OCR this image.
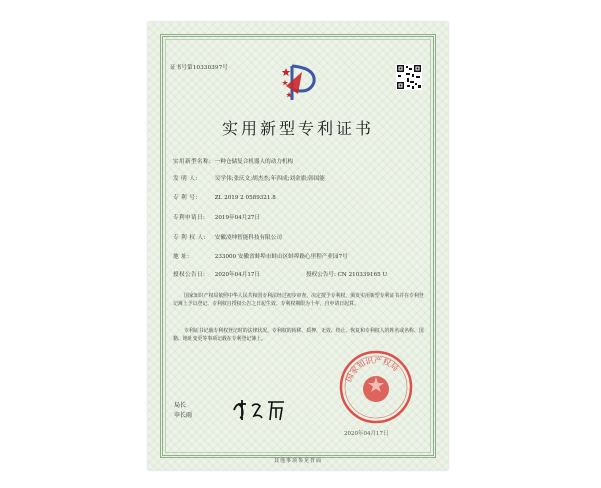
证书号第10330397号
实用新型专利证书
实用新型名称: 一种仓储复合机器人的动力机构
发 明 人:	吴学伟;张庆文;胡杰杰;年四成;刘金旗;韩国能
专 利 号:	ZL 2019 2 0589321.8
专利申请日: 2019年04月27日
专 利 权 人: 安徽凌坤智能科技有限公司
地 址:	233000 安徽省蚌埠市蚌山区蚌埠路心里程产业园7号
授权公告日: 2020年04月17日	授权公告号: CN 210339165 U
国家知识产权局依照中华人民共和国专利法经过初步审查，决定授予专利权，颁发实用新型专利证书并在专利登记簿上予以登记。专利权自授权公告之日起生效。专利权期限为十年，自申请日起算。
专利证书记载专利权登记时的法律状况。专利权的转移、质押、无效、终止、恢复和专利权人的姓名或名称、国籍、地址变更等事项记载在专利登记簿上。
局长
申长雨
国家知识产权局
2020年04月17日
其他事项参见背面
